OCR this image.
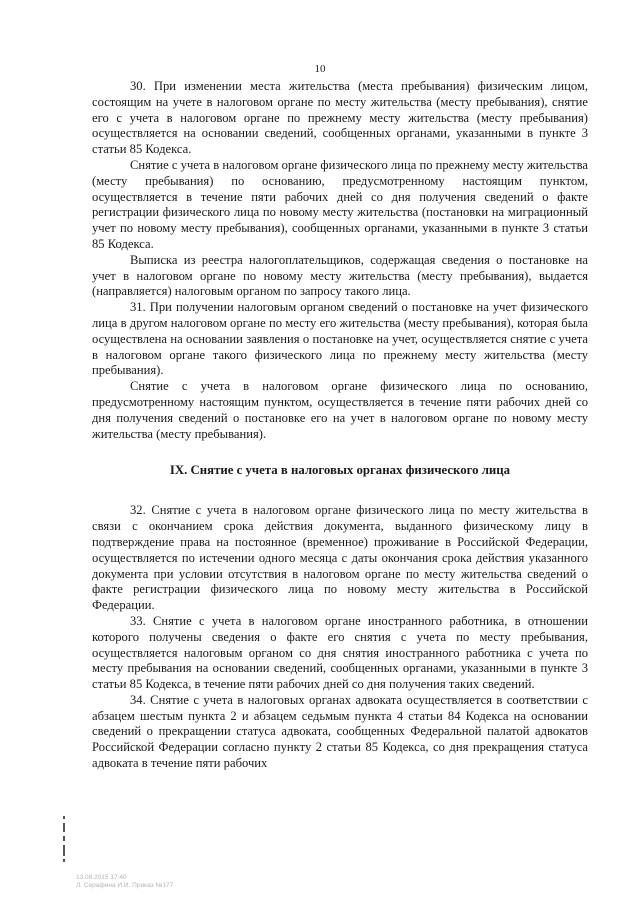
10

30. При изменении места жительства (места пребывания) физическим лицом, состоящим на учете в налоговом органе по месту жительства (месту пребывания), снятие его с учета в налоговом органе по прежнему месту жительства (месту пребывания) осуществляется на основании сведений, сообщенных органами, указанными в пункте 3 статьи 85 Кодекса.

Снятие с учета в налоговом органе физического лица по прежнему месту жительства (месту пребывания) по основанию, предусмотренному настоящим пунктом, осуществляется в течение пяти рабочих дней со дня получения сведений о факте регистрации физического лица по новому месту жительства (постановки на миграционный учет по новому месту пребывания), сообщенных органами, указанными в пункте 3 статьи 85 Кодекса.

Выписка из реестра налогоплательщиков, содержащая сведения о постановке на учет в налоговом органе по новому месту жительства (месту пребывания), выдается (направляется) налоговым органом по запросу такого лица.

31. При получении налоговым органом сведений о постановке на учет физического лица в другом налоговом органе по месту его жительства (месту пребывания), которая была осуществлена на основании заявления о постановке на учет, осуществляется снятие с учета в налоговом органе такого физического лица по прежнему месту жительства (месту пребывания).

Снятие с учета в налоговом органе физического лица по основанию, предусмотренному настоящим пунктом, осуществляется в течение пяти рабочих дней со дня получения сведений о постановке его на учет в налоговом органе по новому месту жительства (месту пребывания).

IX. Снятие с учета в налоговых органах физического лица

32. Снятие с учета в налоговом органе физического лица по месту жительства в связи с окончанием срока действия документа, выданного физическому лицу в подтверждение права на постоянное (временное) проживание в Российской Федерации, осуществляется по истечении одного месяца с даты окончания срока действия указанного документа при условии отсутствия в налоговом органе по месту жительства сведений о факте регистрации физического лица по новому месту жительства в Российской Федерации.

33. Снятие с учета в налоговом органе иностранного работника, в отношении которого получены сведения о факте его снятия с учета по месту пребывания, осуществляется налоговым органом со дня снятия иностранного работника с учета по месту пребывания на основании сведений, сообщенных органами, указанными в пункте 3 статьи 85 Кодекса, в течение пяти рабочих дней со дня получения таких сведений.

34. Снятие с учета в налоговых органах адвоката осуществляется в соответствии с абзацем шестым пункта 2 и абзацем седьмым пункта 4 статьи 84 Кодекса на основании сведений о прекращении статуса адвоката, сообщенных Федеральной палатой адвокатов Российской Федерации согласно пункту 2 статьи 85 Кодекса, со дня прекращения статуса адвоката в течение пяти рабочих

13.08.2015 17:40
Л. Серафина И.И. Приказ №177
